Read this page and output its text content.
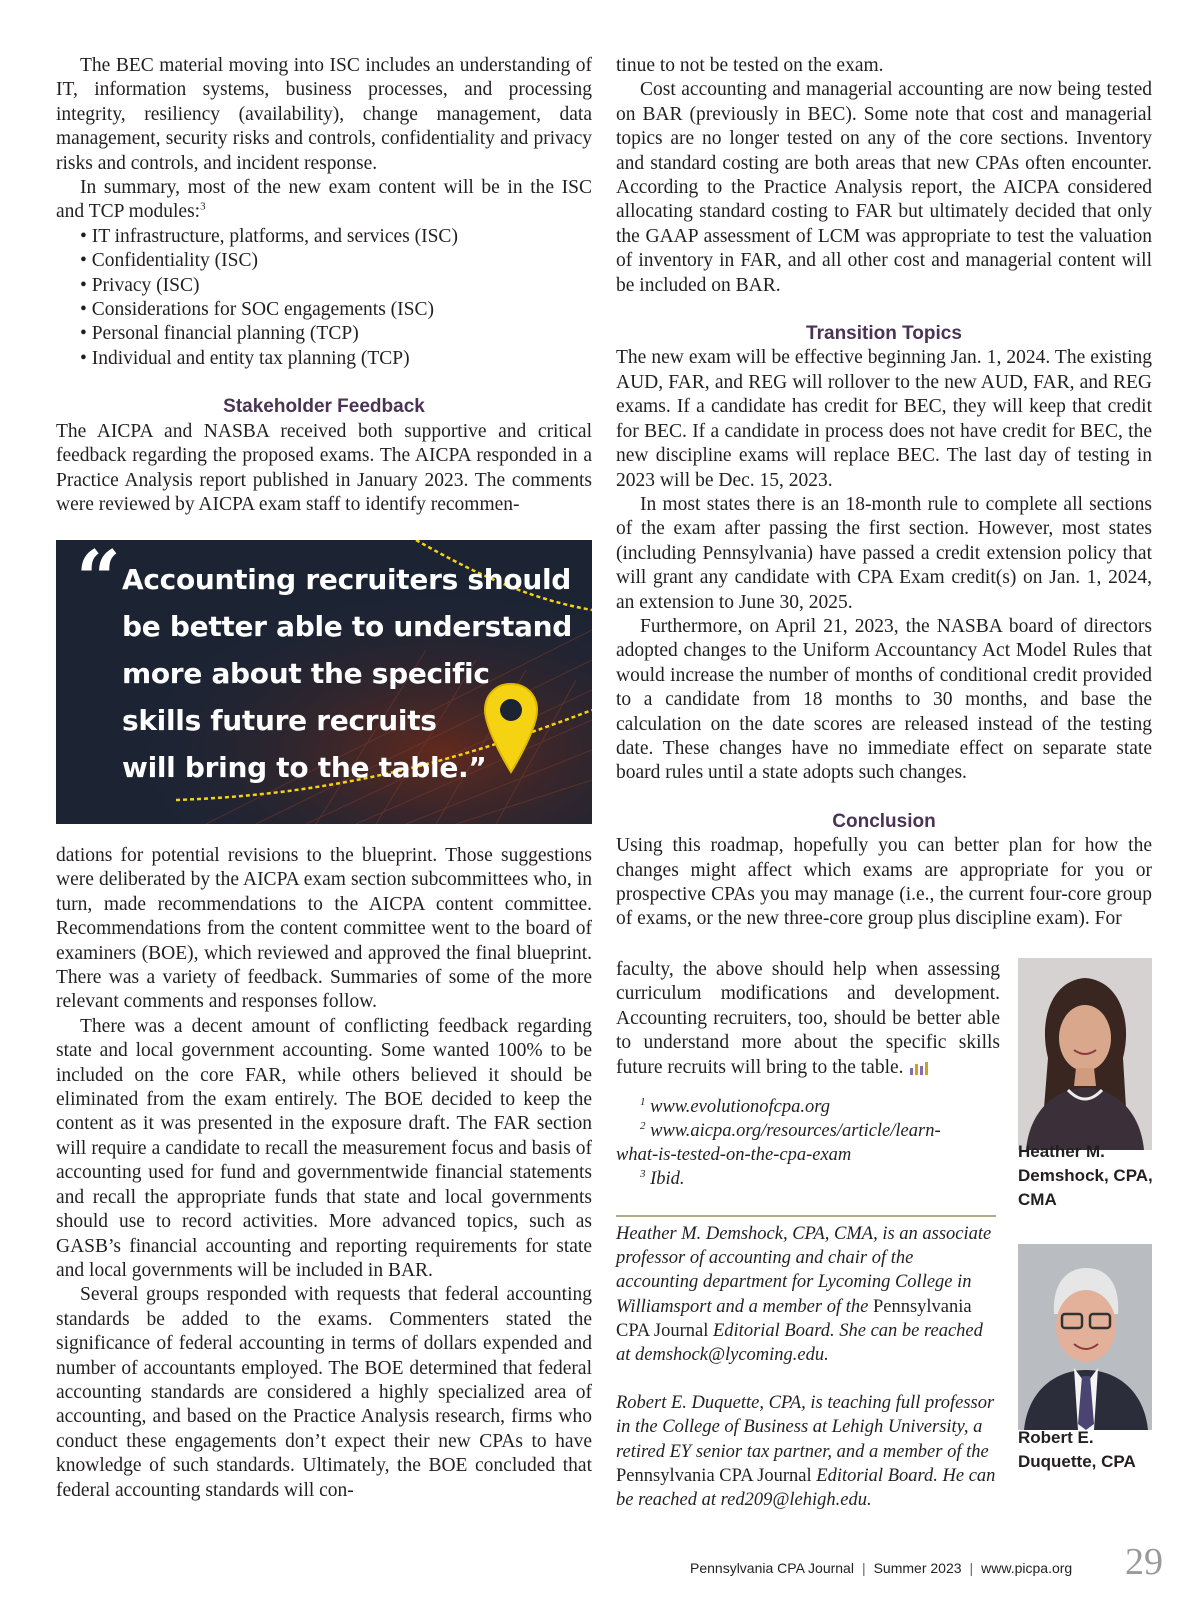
The BEC material moving into ISC includes an understanding of IT, information systems, business processes, and processing integrity, resiliency (availability), change management, data management, security risks and controls, confidentiality and privacy risks and controls, and incident response.

In summary, most of the new exam content will be in the ISC and TCP modules:$^3$

• IT infrastructure, platforms, and services (ISC)

• Confidentiality (ISC)

• Privacy (ISC)

• Considerations for SOC engagements (ISC)

• Personal financial planning (TCP)

• Individual and entity tax planning (TCP)

Stakeholder Feedback

The AICPA and NASBA received both supportive and critical feedback regarding the proposed exams. The AICPA responded in a Practice Analysis report published in January 2023. The comments were reviewed by AICPA exam staff to identify recommen-

“ Accounting recruiters should
be better able to understand
more about the specific
skills future recruits
will bring to the table.”

dations for potential revisions to the blueprint. Those suggestions were deliberated by the AICPA exam section subcommittees who, in turn, made recommendations to the AICPA content committee. Recommendations from the content committee went to the board of examiners (BOE), which reviewed and approved the final blueprint. There was a variety of feedback. Summaries of some of the more relevant comments and responses follow.

There was a decent amount of conflicting feedback regarding state and local government accounting. Some wanted 100% to be included on the core FAR, while others believed it should be eliminated from the exam entirely. The BOE decided to keep the content as it was presented in the exposure draft. The FAR section will require a candidate to recall the measurement focus and basis of accounting used for fund and governmentwide financial statements and recall the appropriate funds that state and local governments should use to record activities. More advanced topics, such as GASB’s financial accounting and reporting requirements for state and local governments will be included in BAR.

Several groups responded with requests that federal accounting standards be added to the exams. Commenters stated the significance of federal accounting in terms of dollars expended and number of accountants employed. The BOE determined that federal accounting standards are considered a highly specialized area of accounting, and based on the Practice Analysis research, firms who conduct these engagements don’t expect their new CPAs to have knowledge of such standards. Ultimately, the BOE concluded that federal accounting standards will con-

tinue to not be tested on the exam.

Cost accounting and managerial accounting are now being tested on BAR (previously in BEC). Some note that cost and managerial topics are no longer tested on any of the core sections. Inventory and standard costing are both areas that new CPAs often encounter. According to the Practice Analysis report, the AICPA considered allocating standard costing to FAR but ultimately decided that only the GAAP assessment of LCM was appropriate to test the valuation of inventory in FAR, and all other cost and managerial content will be included on BAR.

Transition Topics

The new exam will be effective beginning Jan. 1, 2024. The existing AUD, FAR, and REG will rollover to the new AUD, FAR, and REG exams. If a candidate has credit for BEC, they will keep that credit for BEC. If a candidate in process does not have credit for BEC, the new discipline exams will replace BEC. The last day of testing in 2023 will be Dec. 15, 2023.

In most states there is an 18-month rule to complete all sections of the exam after passing the first section. However, most states (including Pennsylvania) have passed a credit extension policy that will grant any candidate with CPA Exam credit(s) on Jan. 1, 2024, an extension to June 30, 2025.

Furthermore, on April 21, 2023, the NASBA board of directors adopted changes to the Uniform Accountancy Act Model Rules that would increase the number of months of conditional credit provided to a candidate from 18 months to 30 months, and base the calculation on the date scores are released instead of the testing date. These changes have no immediate effect on separate state board rules until a state adopts such changes.

Conclusion

Using this roadmap, hopefully you can better plan for how the changes might affect which exams are appropriate for you or prospective CPAs you may manage (i.e., the current four-core group of exams, or the new three-core group plus discipline exam). For

faculty, the above should help when assessing curriculum modifications and development. Accounting recruiters, too, should be better able to understand more about the specific skills future recruits will bring to the table.

$^1$ www.evolutionofcpa.org

$^2$ www.aicpa.org/resources/article/learn-

what-is-tested-on-the-cpa-exam

$^3$ Ibid.

Heather M. Demshock, CPA, CMA, is an associate professor of accounting and chair of the accounting department for Lycoming College in Williamsport and a member of the Pennsylvania CPA Journal Editorial Board. She can be reached at demshock@lycoming.edu.

Robert E. Duquette, CPA, is teaching full professor in the College of Business at Lehigh University, a retired EY senior tax partner, and a member of the Pennsylvania CPA Journal Editorial Board. He can be reached at red209@lehigh.edu.

Heather M.
Demshock, CPA,
CMA
Robert E.
Duquette, CPA
Pennsylvania CPA Journal | Summer 2023 | www.picpa.org	29
